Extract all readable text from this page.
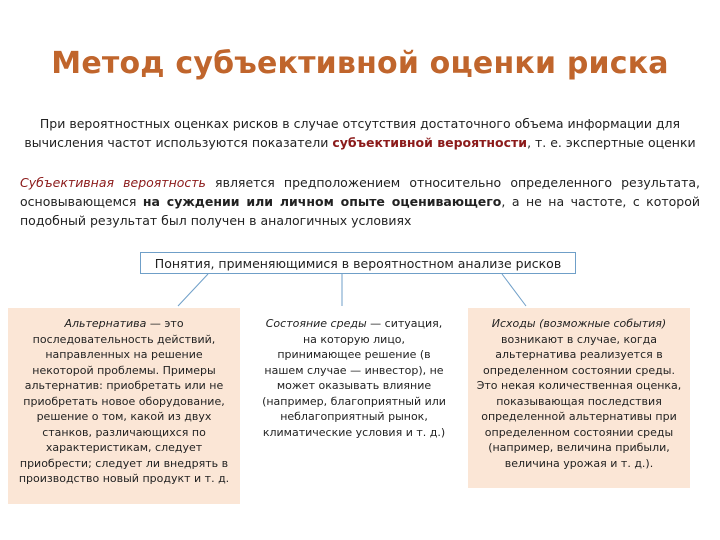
Метод субъективной оценки риска
При вероятностных оценках рисков в случае отсутствия достаточного объема информации для вычисления частот используются показатели субъективной вероятности, т. е. экспертные оценки
Субъективная вероятность является предположением относительно определенного результата, основывающемся на суждении или личном опыте оценивающего, а не на частоте, с которой подобный результат был получен в аналогичных условиях
Понятия, применяющимися в вероятностном анализе рисков
Альтернатива — это последовательность действий, направленных на решение некоторой проблемы. Примеры альтернатив: приобретать или не приобретать новое оборудование, решение о том, какой из двух станков, различающихся по характеристикам, следует приобрести; следует ли внедрять в производство новый продукт и т. д.
Состояние среды — ситуация, на которую лицо, принимающее решение (в нашем случае — инвестор), не может оказывать влияние (например, благоприятный или неблагоприятный рынок, климатические условия и т. д.)
Исходы (возможные события) возникают в случае, когда альтернатива реализуется в определенном состоянии среды. Это некая количественная оценка, показывающая последствия определенной альтернативы при определенном состоянии среды (например, величина прибыли, величина урожая и т. д.).
